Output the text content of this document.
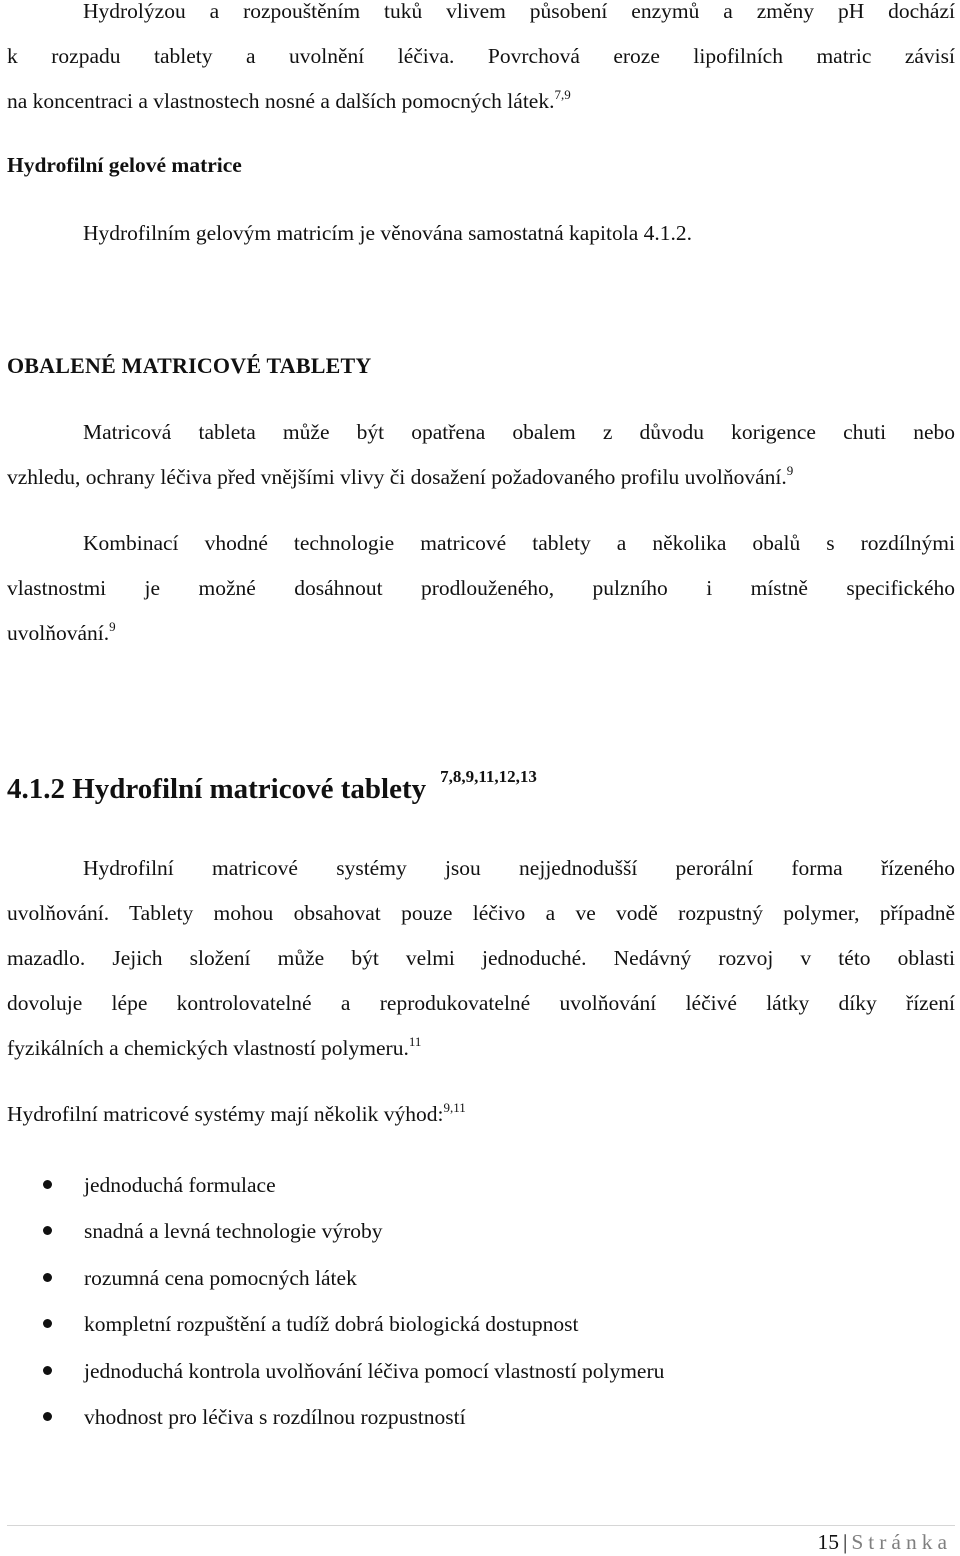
Hydrolýzou a rozpouštěním tuků vlivem působení enzymů a změny pH dochází
k rozpadu tablety a uvolnění léčiva. Povrchová eroze lipofilních matric závisí
na koncentraci a vlastnostech nosné a dalších pomocných látek.$^{7,9}$

Hydrofilní gelové matrice

Hydrofilním gelovým matricím je věnována samostatná kapitola 4.1.2.

OBALENÉ MATRICOVÉ TABLETY

Matricová tableta může být opatřena obalem z důvodu korigence chuti nebo
vzhledu, ochrany léčiva před vnějšími vlivy či dosažení požadovaného profilu uvolňování.$^9$

Kombinací vhodné technologie matricové tablety a několika obalů s rozdílnými
vlastnostmi je možné dosáhnout prodlouženého, pulzního i místně specifického
uvolňování.$^9$

4.1.2 Hydrofilní matricové tablety $^{7,8,9,11,12,13}$

Hydrofilní matricové systémy jsou nejjednodušší perorální forma řízeného
uvolňování. Tablety mohou obsahovat pouze léčivo a ve vodě rozpustný polymer, případně
mazadlo. Jejich složení může být velmi jednoduché. Nedávný rozvoj v této oblasti
dovoluje lépe kontrolovatelné a reprodukovatelné uvolňování léčivé látky díky řízení
fyzikálních a chemických vlastností polymeru.$^{11}$

Hydrofilní matricové systémy mají několik výhod:$^{9,11}$

jednoduchá formulace
snadná a levná technologie výroby
rozumná cena pomocných látek
kompletní rozpuštění a tudíž dobrá biologická dostupnost
jednoduchá kontrola uvolňování léčiva pomocí vlastností polymeru
vhodnost pro léčiva s rozdílnou rozpustností
15 | Stránka
